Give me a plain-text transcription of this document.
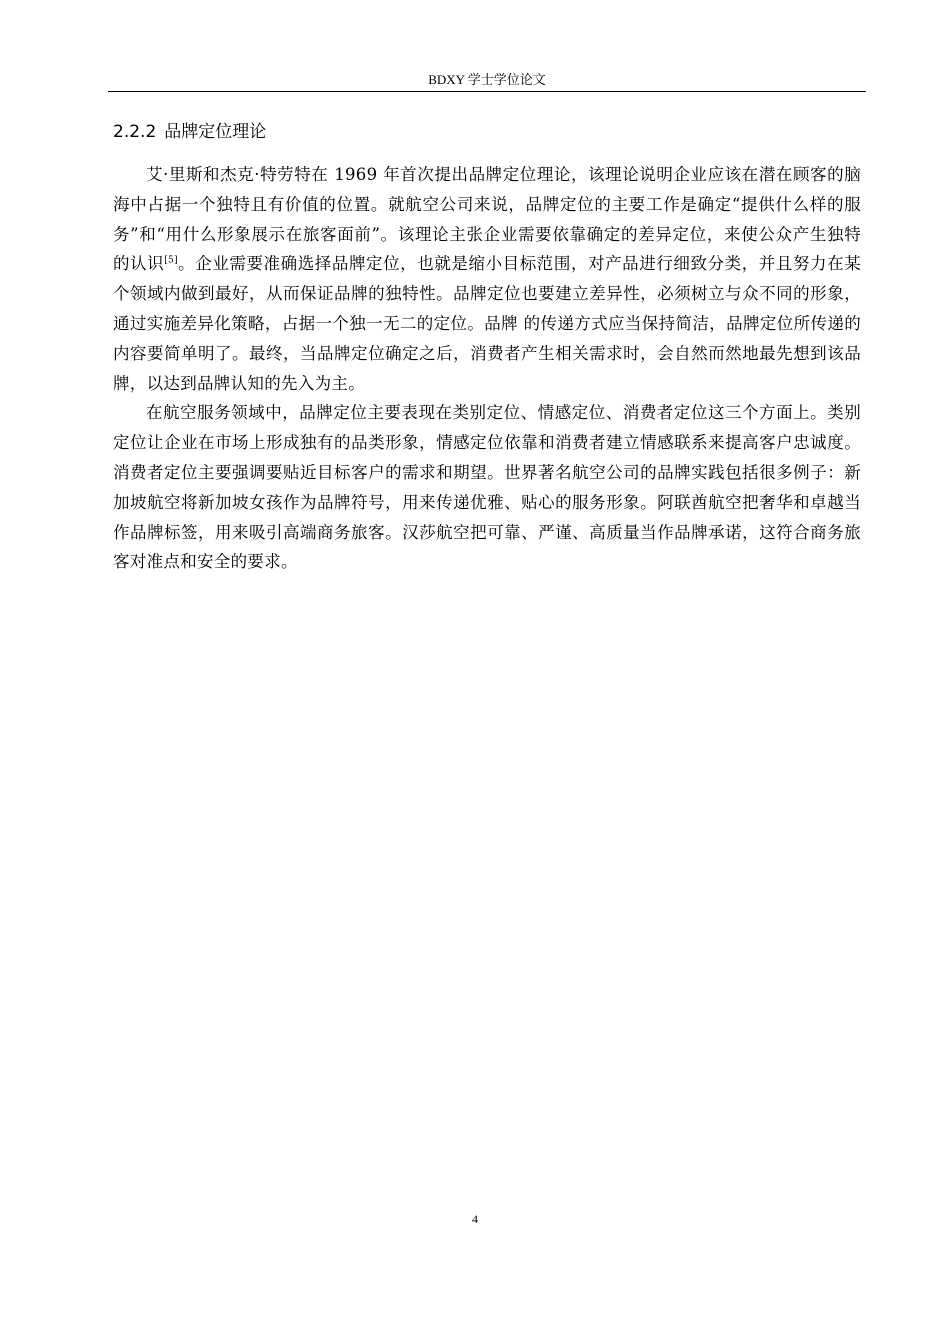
BDXY 学士学位论文
2.2.2 品牌定位理论

艾·里斯和杰克·特劳特在 1969 年首次提出品牌定位理论，该理论说明企业应该在潜在顾客的脑海中占据一个独特且有价值的位置。就航空公司来说，品牌定位的主要工作是确定“提供什么样的服务”和“用什么形象展示在旅客面前”。该理论主张企业需要依靠确定的差异定位，来使公众产生独特的认识[5]。企业需要准确选择品牌定位，也就是缩小目标范围，对产品进行细致分类，并且努力在某个领域内做到最好，从而保证品牌的独特性。品牌定位也要建立差异性，必须树立与众不同的形象，通过实施差异化策略，占据一个独一无二的定位。品牌 的传递方式应当保持简洁，品牌定位所传递的内容要简单明了。最终，当品牌定位确定之后，消费者产生相关需求时，会自然而然地最先想到该品牌，以达到品牌认知的先入为主。

在航空服务领域中，品牌定位主要表现在类别定位、情感定位、消费者定位这三个方面上。类别定位让企业在市场上形成独有的品类形象，情感定位依靠和消费者建立情感联系来提高客户忠诚度。消费者定位主要强调要贴近目标客户的需求和期望。世界著名航空公司的品牌实践包括很多例子：新加坡航空将新加坡女孩作为品牌符号，用来传递优雅、贴心的服务形象。阿联酋航空把奢华和卓越当作品牌标签，用来吸引高端商务旅客。汉莎航空把可靠、严谨、高质量当作品牌承诺，这符合商务旅客对准点和安全的要求。

4
